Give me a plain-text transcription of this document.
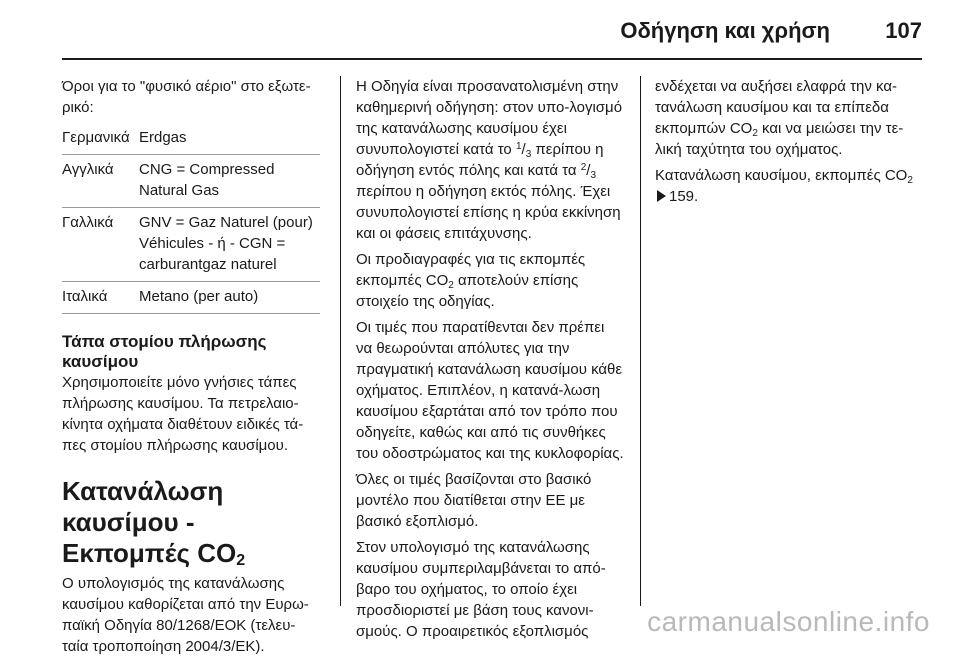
Οδήγηση και χρήση	107

Όροι για το "φυσικό αέριο" στο εξωτε-ρικό:

Γερμανικά	Erdgas
Αγγλικά	CNG = Compressed Natural Gas
Γαλλικά	GNV = Gaz Naturel (pour) Véhicules - ή - CGN = carburantgaz naturel
Ιταλικά	Metano (per auto)
Τάπα στομίου πλήρωσης καυσίμου

Χρησιμοποιείτε μόνο γνήσιες τάπες πλήρωσης καυσίμου. Τα πετρελαιο-κίνητα οχήματα διαθέτουν ειδικές τά-πες στομίου πλήρωσης καυσίμου.

Κατανάλωση καυσίμου - Εκπομπές $CO_2$

Ο υπολογισμός της κατανάλωσης καυσίμου καθορίζεται από την Ευρω-παϊκή Οδηγία 80/1268/ΕΟΚ (τελευ-ταία τροποποίηση 2004/3/ΕΚ).

Η Οδηγία είναι προσανατολισμένη στην καθημερινή οδήγηση: στον υπο-λογισμό της κατανάλωσης καυσίμου έχει συνυπολογιστεί κατά το $^1/_3$ περίπου η οδήγηση εντός πόλης και κατά τα $^2/_3$ περίπου η οδήγηση εκτός πόλης. Έχει συνυπολογιστεί επίσης η κρύα εκκίνηση και οι φάσεις επιτάχυνσης.

Οι προδιαγραφές για τις εκπομπές εκπομπές $CO_2$ αποτελούν επίσης στοιχείο της οδηγίας.

Οι τιμές που παρατίθενται δεν πρέπει να θεωρούνται απόλυτες για την πραγματική κατανάλωση καυσίμου κάθε οχήματος. Επιπλέον, η κατανά-λωση καυσίμου εξαρτάται από τον τρόπο που οδηγείτε, καθώς και από τις συνθήκες του οδοστρώματος και της κυκλοφορίας.

Όλες οι τιμές βασίζονται στο βασικό μοντέλο που διατίθεται στην ΕΕ με βασικό εξοπλισμό.

Στον υπολογισμό της κατανάλωσης καυσίμου συμπεριλαμβάνεται το από-βαρο του οχήματος, το οποίο έχει προσδιοριστεί με βάση τους κανονι-σμούς. Ο προαιρετικός εξοπλισμός

ενδέχεται να αυξήσει ελαφρά την κα-τανάλωση καυσίμου και τα επίπεδα εκπομπών $CO_2$ και να μειώσει την τε-λική ταχύτητα του οχήματος.

Κατανάλωση καυσίμου, εκπομπές $CO_2$ 159.

carmanualsonline.info
